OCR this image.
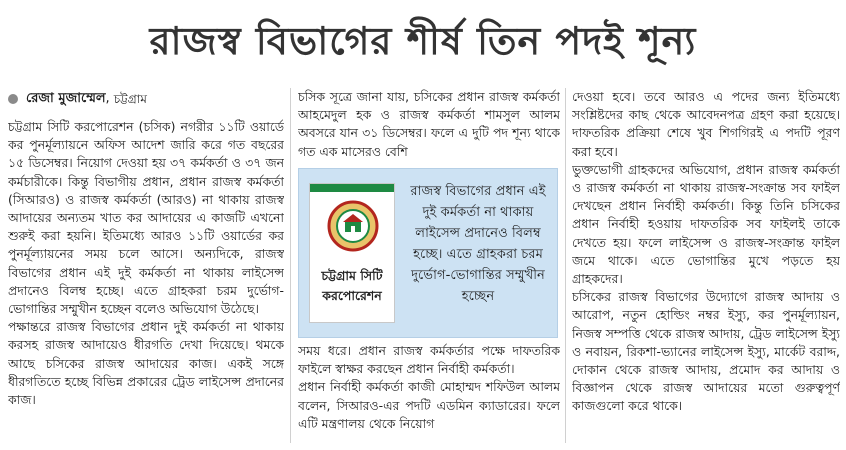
রাজস্ব বিভাগের শীর্ষ তিন পদই শূন্য
রেজা মুজাম্মেল , চট্টগ্রাম

চট্টগ্রাম সিটি করপোরেশন (চসিক) নগরীর ১১টি ওয়ার্ডে কর পুনর্মূল্যায়নে অফিস আদেশ জারি করে গত বছরের ১৫ ডিসেম্বর। নিয়োগ দেওয়া হয় ৩৭ কর্মকর্তা ও ৩৭ জন কর্মচারীকে। কিন্তু বিভাগীয় প্রধান, প্রধান রাজস্ব কর্মকর্তা (সিআরও) ও রাজস্ব কর্মকর্তা (আরও) না থাকায় রাজস্ব আদায়ের অন্যতম খাত কর আদায়ের এ কাজটি এখনো শুরুই করা হয়নি। ইতিমধ্যে আরও ১১টি ওয়ার্ডের কর পুনর্মূল্যায়নের সময় চলে আসে। অন্যদিকে, রাজস্ব বিভাগের প্রধান এই দুই কর্মকর্তা না থাকায় লাইসেন্স প্রদানেও বিলম্ব হচ্ছে। এতে গ্রাহকরা চরম দুর্ভোগ-ভোগান্তির সম্মুখীন হচ্ছেন বলেও অভিযোগ উঠেছে।

পক্ষান্তরে রাজস্ব বিভাগের প্রধান দুই কর্মকর্তা না থাকায় করসহ রাজস্ব আদায়েও ধীরগতি দেখা দিয়েছে। থমকে আছে চসিকের রাজস্ব আদায়ের কাজ। একই সঙ্গে ধীরগতিতে হচ্ছে বিভিন্ন প্রকারের ট্রেড লাইসেন্স প্রদানের কাজ।

চসিক সূত্রে জানা যায়, চসিকের প্রধান রাজস্ব কর্মকর্তা আহমেদুল হক ও রাজস্ব কর্মকর্তা শামসুল আলম অবসরে যান ৩১ ডিসেম্বর। ফলে এ দুটি পদ শূন্য থাকে গত এক মাসেরও বেশি

সময় ধরে। প্রধান রাজস্ব কর্মকর্তার পক্ষে দাফতরিক ফাইলে স্বাক্ষর করছেন প্রধান নির্বাহী কর্মকর্তা।

প্রধান নির্বাহী কর্মকর্তা কাজী মোহাম্মদ শফিউল আলম বলেন, সিআরও-এর পদটি এডমিন ক্যাডারের। ফলে এটি মন্ত্রণালয় থেকে নিয়োগ

চট্টগ্রাম সিটি
করপোরেশন
রাজস্ব বিভাগের প্রধান এই দুই কর্মকর্তা না থাকায় লাইসেন্স প্রদানেও বিলম্ব হচ্ছে। এতে গ্রাহকরা চরম দুর্ভোগ-ভোগান্তির সম্মুখীন হচ্ছেন

দেওয়া হবে। তবে আরও এ পদের জন্য ইতিমধ্যে সংশ্লিষ্টদের কাছ থেকে আবেদনপত্র গ্রহণ করা হয়েছে। দাফতরিক প্রক্রিয়া শেষে খুব শিগগিরই এ পদটি পূরণ করা হবে।

ভুক্তভোগী গ্রাহকদের অভিযোগ, প্রধান রাজস্ব কর্মকর্তা ও রাজস্ব কর্মকর্তা না থাকায় রাজস্ব-সংক্রান্ত সব ফাইল দেখছেন প্রধান নির্বাহী কর্মকর্তা। কিন্তু তিনি চসিকের প্রধান নির্বাহী হওয়ায় দাফতরিক সব ফাইলই তাকে দেখতে হয়। ফলে লাইসেন্স ও রাজস্ব-সংক্রান্ত ফাইল জমে থাকে। এতে ভোগান্তির মুখে পড়তে হয় গ্রাহকদের।

চসিকের রাজস্ব বিভাগের উদ্যোগে রাজস্ব আদায় ও আরোপ, নতুন হোল্ডিং নম্বর ইস্যু, কর পুনর্মূল্যায়ন, নিজস্ব সম্পত্তি থেকে রাজস্ব আদায়, ট্রেড লাইসেন্স ইস্যু ও নবায়ন, রিকশা-ভ্যানের লাইসেন্স ইস্যু, মার্কেট বরাদ্দ, দোকান থেকে রাজস্ব আদায়, প্রমোদ কর আদায় ও বিজ্ঞাপন থেকে রাজস্ব আদায়ের মতো গুরুত্বপূর্ণ কাজগুলো করে থাকে।
